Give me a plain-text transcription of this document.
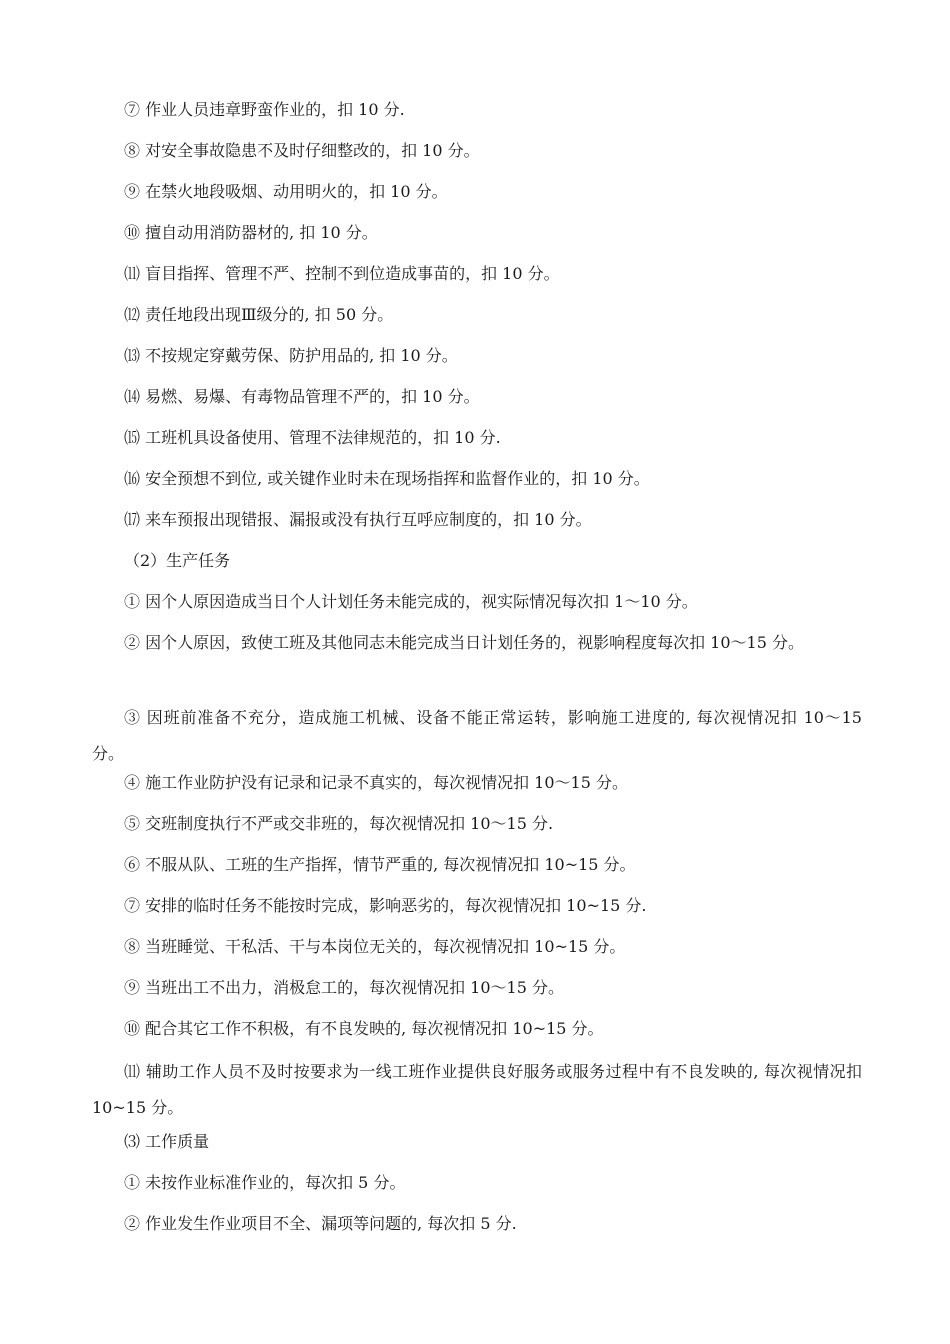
⑦ 作业人员违章野蛮作业的，扣 10 分.

⑧ 对安全事故隐患不及时仔细整改的，扣 10 分。

⑨ 在禁火地段吸烟、动用明火的，扣 10 分。

⑩ 擅自动用消防器材的, 扣 10 分。

⑾ 盲目指挥、管理不严、控制不到位造成事苗的，扣 10 分。

⑿ 责任地段出现Ⅲ级分的, 扣 50 分。

⒀ 不按规定穿戴劳保、防护用品的, 扣 10 分。

⒁ 易燃、易爆、有毒物品管理不严的，扣 10 分。

⒂ 工班机具设备使用、管理不法律规范的，扣 10 分.

⒃ 安全预想不到位, 或关键作业时未在现场指挥和监督作业的，扣 10 分。

⒄ 来车预报出现错报、漏报或没有执行互呼应制度的，扣 10 分。

（2）生产任务

① 因个人原因造成当日个人计划任务未能完成的，视实际情况每次扣 1～10 分。

② 因个人原因，致使工班及其他同志未能完成当日计划任务的，视影响程度每次扣 10～15 分。

③ 因班前准备不充分，造成施工机械、设备不能正常运转，影响施工进度的, 每次视情况扣 10～15 分。

④ 施工作业防护没有记录和记录不真实的，每次视情况扣 10～15 分。

⑤ 交班制度执行不严或交非班的，每次视情况扣 10～15 分.

⑥ 不服从队、工班的生产指挥，情节严重的, 每次视情况扣 10~15 分。

⑦ 安排的临时任务不能按时完成，影响恶劣的，每次视情况扣 10~15 分.

⑧ 当班睡觉、干私活、干与本岗位无关的，每次视情况扣 10~15 分。

⑨ 当班出工不出力，消极怠工的，每次视情况扣 10～15 分。

⑩ 配合其它工作不积极，有不良发映的, 每次视情况扣 10~15 分。

⑾ 辅助工作人员不及时按要求为一线工班作业提供良好服务或服务过程中有不良发映的, 每次视情况扣 10~15 分。

⑶ 工作质量

① 未按作业标准作业的，每次扣 5 分。

② 作业发生作业项目不全、漏项等问题的, 每次扣 5 分.
